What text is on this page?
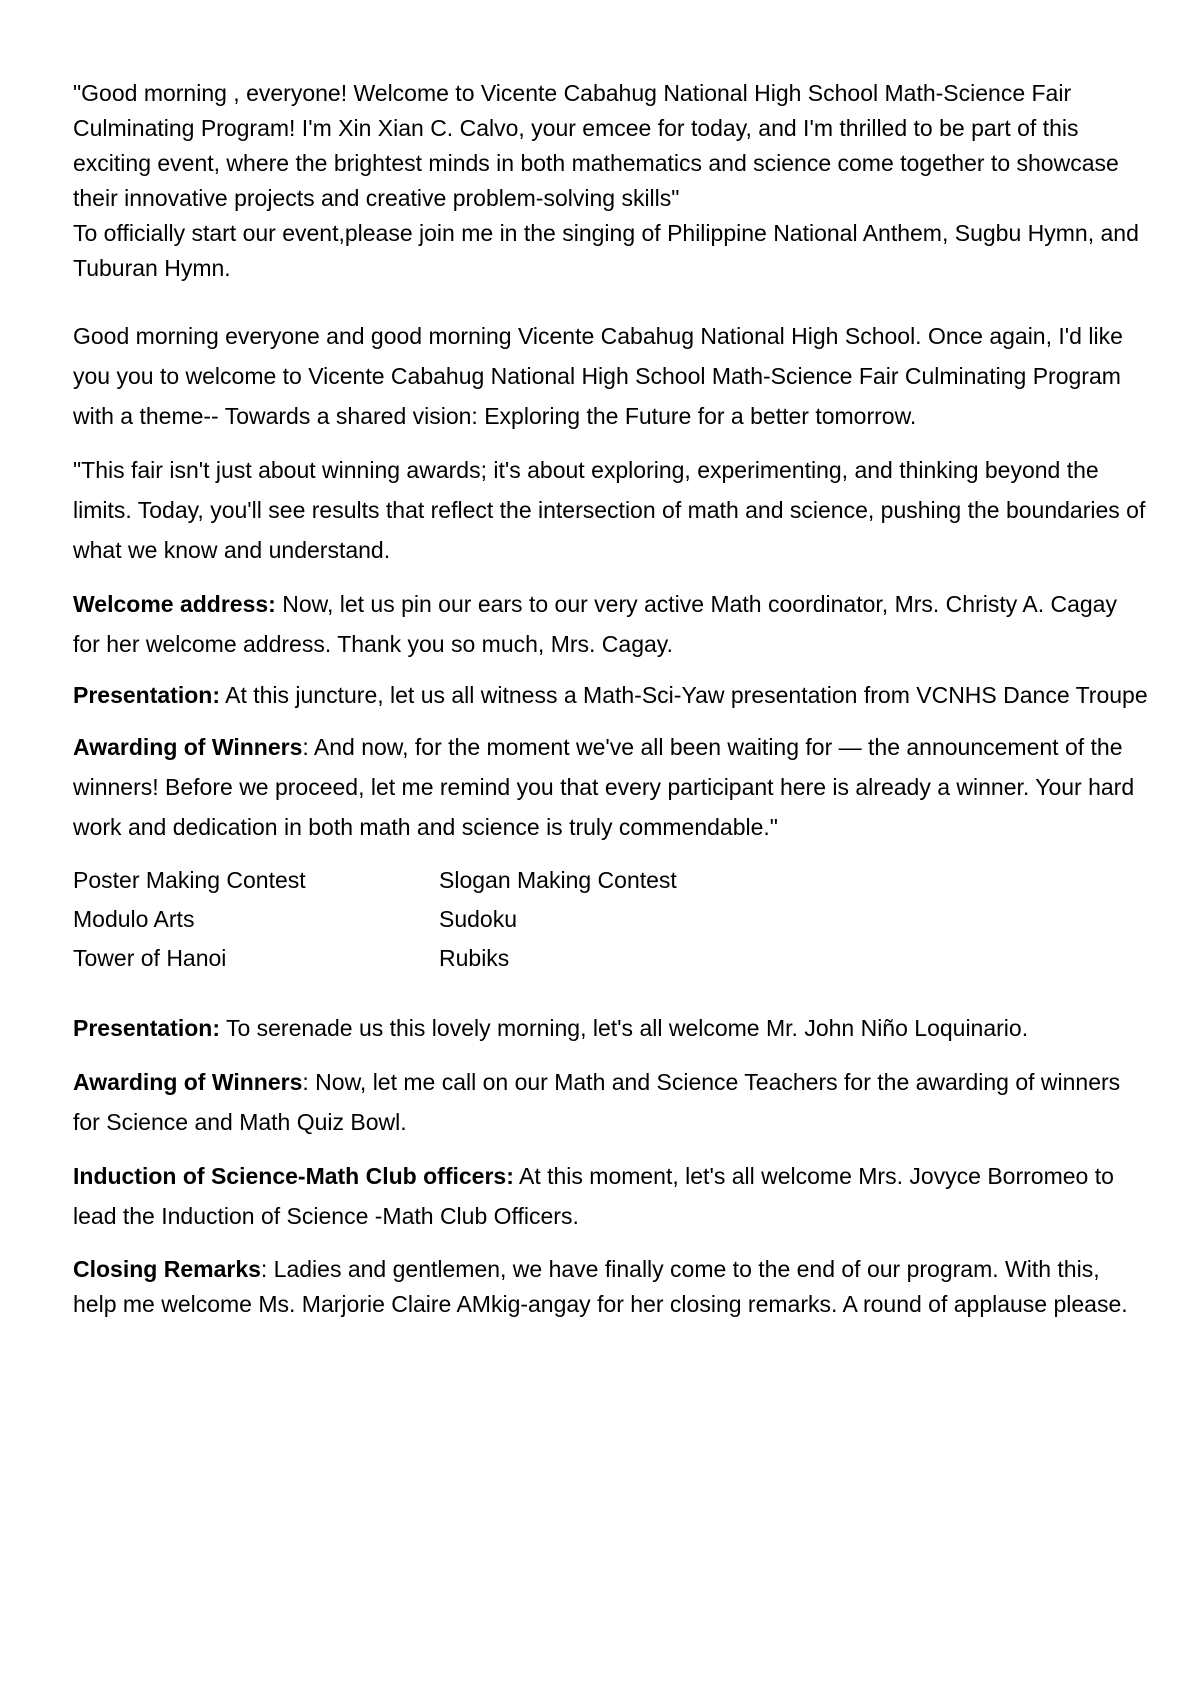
"Good morning , everyone! Welcome to Vicente Cabahug National High School Math-Science Fair Culminating Program! I'm Xin Xian C. Calvo, your emcee for today, and I'm thrilled to be part of this exciting event, where the brightest minds in both mathematics and science come together to showcase their innovative projects and creative problem-solving skills"

To officially start our event,please join me in the singing of Philippine National Anthem, Sugbu Hymn, and Tuburan Hymn.

Good morning everyone and good morning Vicente Cabahug National High School. Once again, I'd like you you to welcome to Vicente Cabahug National High School Math-Science Fair Culminating Program with a theme-- Towards a shared vision: Exploring the Future for a better tomorrow.

"This fair isn't just about winning awards; it's about exploring, experimenting, and thinking beyond the limits. Today, you'll see results that reflect the intersection of math and science, pushing the boundaries of what we know and understand.

Welcome address: Now, let us pin our ears to our very active Math coordinator, Mrs. Christy A. Cagay for her welcome address. Thank you so much, Mrs. Cagay.

Presentation: At this juncture, let us all witness a Math-Sci-Yaw presentation from VCNHS Dance Troupe

Awarding of Winners: And now, for the moment we've all been waiting for — the announcement of the winners! Before we proceed, let me remind you that every participant here is already a winner. Your hard work and dedication in both math and science is truly commendable."

Poster Making Contest	Slogan Making Contest
Modulo Arts	Sudoku
Tower of Hanoi	Rubiks

Presentation: To serenade us this lovely morning, let's all welcome Mr. John Niño Loquinario.

Awarding of Winners: Now, let me call on our Math and Science Teachers for the awarding of winners for Science and Math Quiz Bowl.

Induction of Science-Math Club officers: At this moment, let's all welcome Mrs. Jovyce Borromeo to lead the Induction of Science -Math Club Officers.

Closing Remarks: Ladies and gentlemen, we have finally come to the end of our program. With this, help me welcome Ms. Marjorie Claire AMkig-angay for her closing remarks. A round of applause please.
